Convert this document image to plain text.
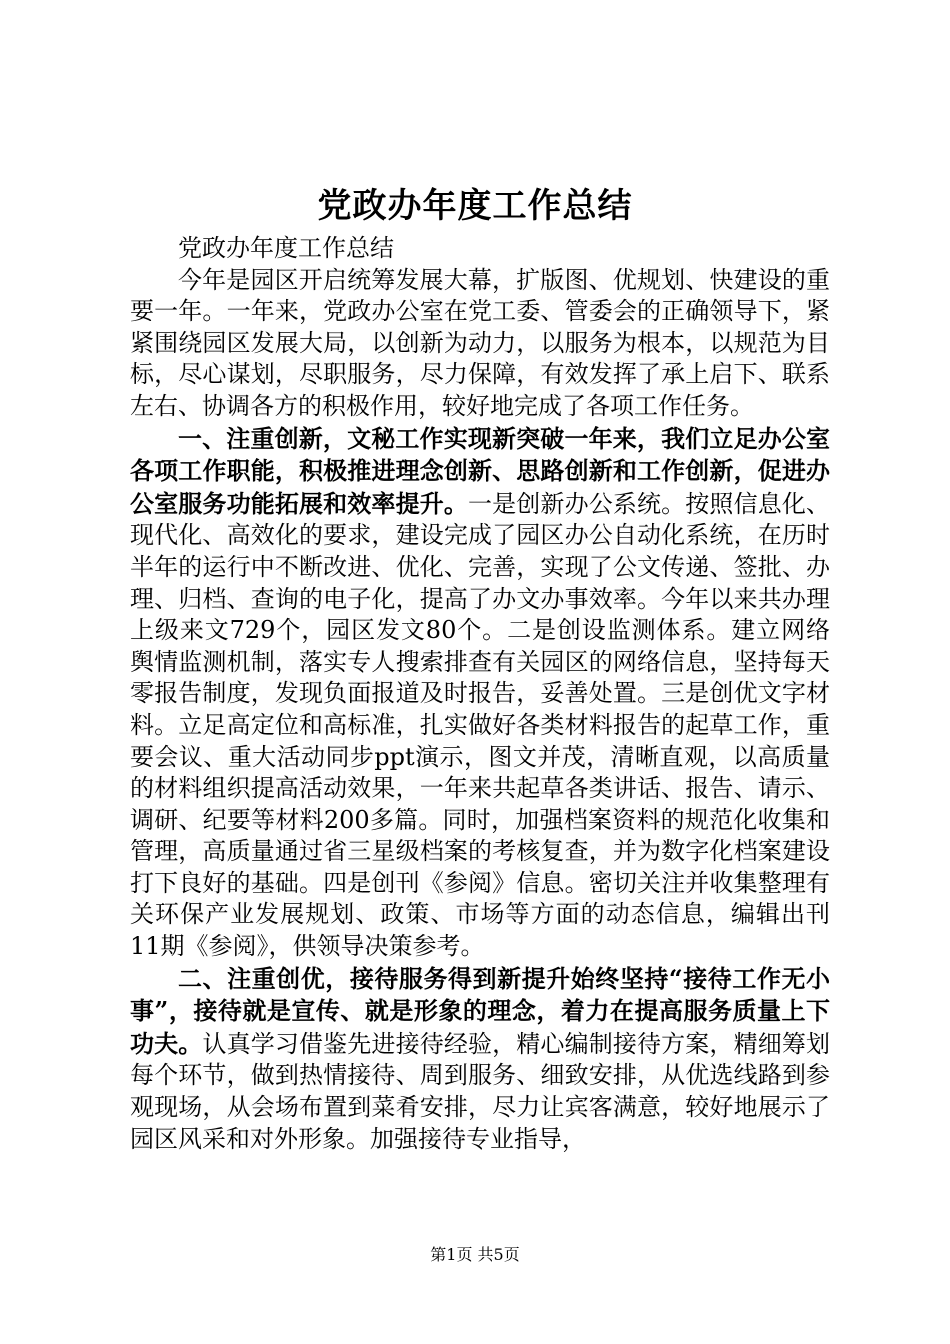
党政办年度工作总结

党政办年度工作总结

今年是园区开启统筹发展大幕，扩版图、优规划、快建设的重要一年。一年来，党政办公室在党工委、管委会的正确领导下，紧紧围绕园区发展大局，以创新为动力，以服务为根本，以规范为目标，尽心谋划，尽职服务，尽力保障，有效发挥了承上启下、联系左右、协调各方的积极作用，较好地完成了各项工作任务。

一、注重创新，文秘工作实现新突破一年来，我们立足办公室各项工作职能，积极推进理念创新、思路创新和工作创新，促进办公室服务功能拓展和效率提升。一是创新办公系统。按照信息化、现代化、高效化的要求，建设完成了园区办公自动化系统，在历时半年的运行中不断改进、优化、完善，实现了公文传递、签批、办理、归档、查询的电子化，提高了办文办事效率。今年以来共办理上级来文729个，园区发文80个。二是创设监测体系。建立网络舆情监测机制，落实专人搜索排查有关园区的网络信息，坚持每天零报告制度，发现负面报道及时报告，妥善处置。三是创优文字材料。立足高定位和高标准，扎实做好各类材料报告的起草工作，重要会议、重大活动同步ppt演示，图文并茂，清晰直观，以高质量的材料组织提高活动效果，一年来共起草各类讲话、报告、请示、调研、纪要等材料200多篇。同时，加强档案资料的规范化收集和管理，高质量通过省三星级档案的考核复查，并为数字化档案建设打下良好的基础。四是创刊《参阅》信息。密切关注并收集整理有关环保产业发展规划、政策、市场等方面的动态信息，编辑出刊11期《参阅》，供领导决策参考。

二、注重创优，接待服务得到新提升始终坚持“接待工作无小事”，接待就是宣传、就是形象的理念，着力在提高服务质量上下功夫。认真学习借鉴先进接待经验，精心编制接待方案，精细筹划每个环节，做到热情接待、周到服务、细致安排，从优选线路到参观现场，从会场布置到菜肴安排，尽力让宾客满意，较好地展示了园区风采和对外形象。加强接待专业指导，

第1页 共5页
